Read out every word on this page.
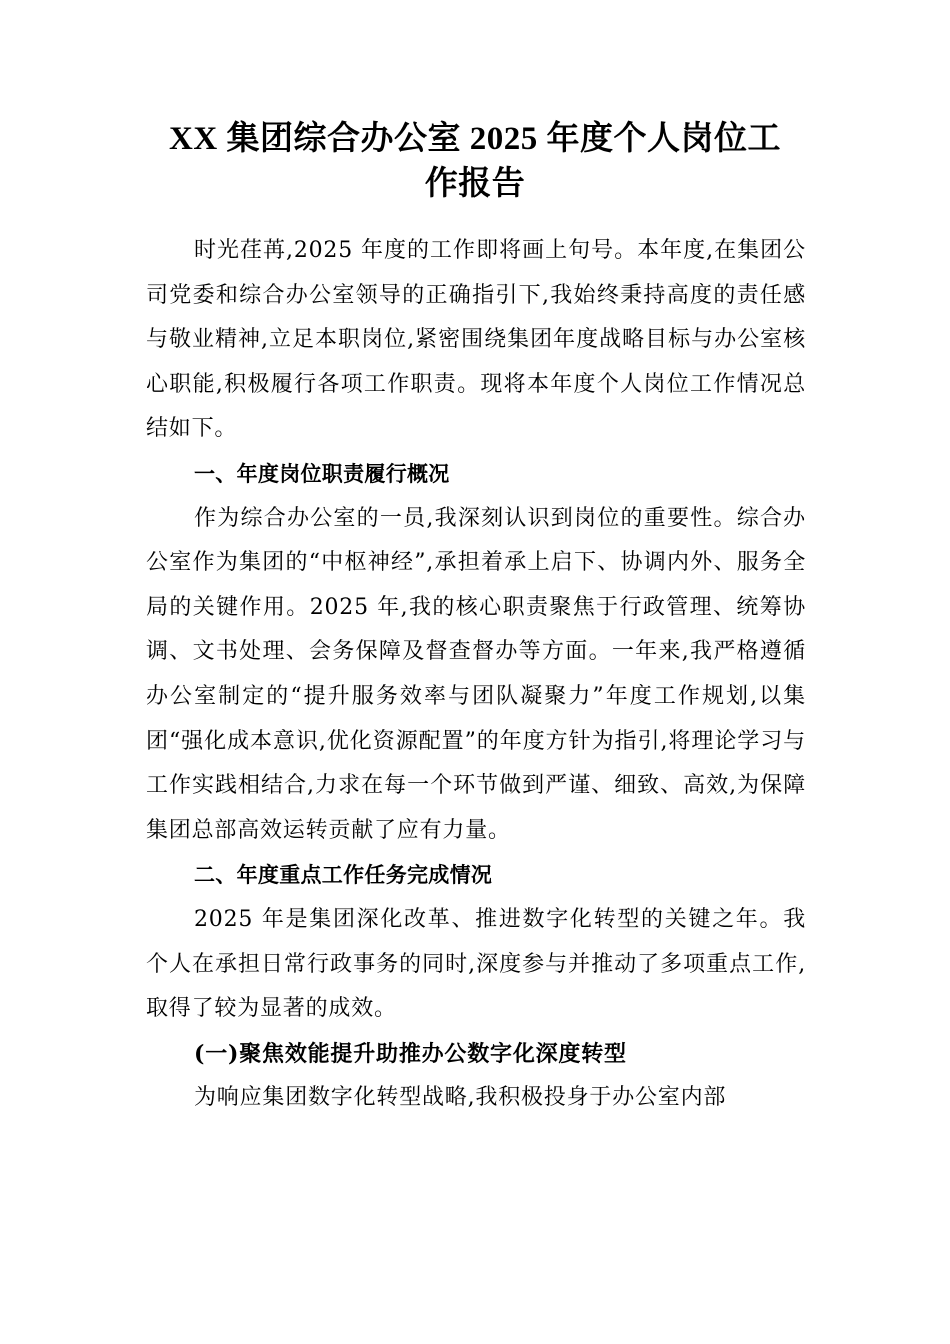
XX 集团综合办公室 2025 年度个人岗位工
作报告

时光荏苒,2025 年度的工作即将画上句号。本年度,在集团公司党委和综合办公室领导的正确指引下,我始终秉持高度的责任感与敬业精神,立足本职岗位,紧密围绕集团年度战略目标与办公室核心职能,积极履行各项工作职责。现将本年度个人岗位工作情况总结如下。

一、年度岗位职责履行概况

作为综合办公室的一员,我深刻认识到岗位的重要性。综合办公室作为集团的“中枢神经”,承担着承上启下、协调内外、服务全局的关键作用。2025 年,我的核心职责聚焦于行政管理、统筹协调、文书处理、会务保障及督查督办等方面。一年来,我严格遵循办公室制定的“提升服务效率与团队凝聚力”年度工作规划,以集团“强化成本意识,优化资源配置”的年度方针为指引,将理论学习与工作实践相结合,力求在每一个环节做到严谨、细致、高效,为保障集团总部高效运转贡献了应有力量。

二、年度重点工作任务完成情况

2025 年是集团深化改革、推进数字化转型的关键之年。我个人在承担日常行政事务的同时,深度参与并推动了多项重点工作,取得了较为显著的成效。

(一)聚焦效能提升助推办公数字化深度转型

为响应集团数字化转型战略,我积极投身于办公室内部
